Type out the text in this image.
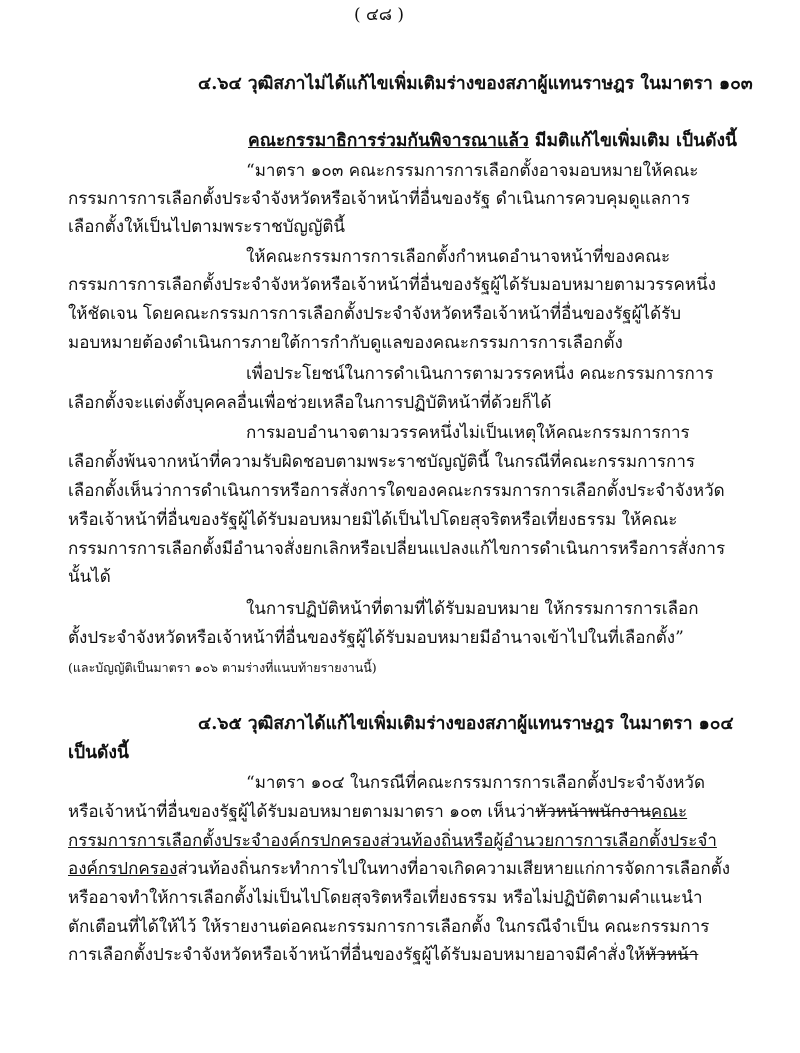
( ๔๘ )
๔.๖๔ วุฒิสภาไม่ได้แก้ไขเพิ่มเติมร่างของสภาผู้แทนราษฎร ในมาตรา ๑๐๓
คณะกรรมาธิการร่วมกันพิจารณาแล้ว มีมติแก้ไขเพิ่มเติม เป็นดังนี้
“มาตรา ๑๐๓ คณะกรรมการการเลือกตั้งอาจมอบหมายให้คณะ
กรรมการการเลือกตั้งประจำจังหวัดหรือเจ้าหน้าที่อื่นของรัฐ ดำเนินการควบคุมดูแลการ
เลือกตั้งให้เป็นไปตามพระราชบัญญัตินี้
ให้คณะกรรมการการเลือกตั้งกำหนดอำนาจหน้าที่ของคณะ
กรรมการการเลือกตั้งประจำจังหวัดหรือเจ้าหน้าที่อื่นของรัฐผู้ได้รับมอบหมายตามวรรคหนึ่ง
ให้ชัดเจน โดยคณะกรรมการการเลือกตั้งประจำจังหวัดหรือเจ้าหน้าที่อื่นของรัฐผู้ได้รับ
มอบหมายต้องดำเนินการภายใต้การกำกับดูแลของคณะกรรมการการเลือกตั้ง
เพื่อประโยชน์ในการดำเนินการตามวรรคหนึ่ง คณะกรรมการการ
เลือกตั้งจะแต่งตั้งบุคคลอื่นเพื่อช่วยเหลือในการปฏิบัติหน้าที่ด้วยก็ได้
การมอบอำนาจตามวรรคหนึ่งไม่เป็นเหตุให้คณะกรรมการการ
เลือกตั้งพ้นจากหน้าที่ความรับผิดชอบตามพระราชบัญญัตินี้ ในกรณีที่คณะกรรมการการ
เลือกตั้งเห็นว่าการดำเนินการหรือการสั่งการใดของคณะกรรมการการเลือกตั้งประจำจังหวัด
หรือเจ้าหน้าที่อื่นของรัฐผู้ได้รับมอบหมายมิได้เป็นไปโดยสุจริตหรือเที่ยงธรรม ให้คณะ
กรรมการการเลือกตั้งมีอำนาจสั่งยกเลิกหรือเปลี่ยนแปลงแก้ไขการดำเนินการหรือการสั่งการ
นั้นได้
ในการปฏิบัติหน้าที่ตามที่ได้รับมอบหมาย ให้กรรมการการเลือก
ตั้งประจำจังหวัดหรือเจ้าหน้าที่อื่นของรัฐผู้ได้รับมอบหมายมีอำนาจเข้าไปในที่เลือกตั้ง”
(และบัญญัติเป็นมาตรา ๑๐๖ ตามร่างที่แนบท้ายรายงานนี้)
๔.๖๕ วุฒิสภาได้แก้ไขเพิ่มเติมร่างของสภาผู้แทนราษฎร ในมาตรา ๑๐๔
เป็นดังนี้
“มาตรา ๑๐๔ ในกรณีที่คณะกรรมการการเลือกตั้งประจำจังหวัด
หรือเจ้าหน้าที่อื่นของรัฐผู้ได้รับมอบหมายตามมาตรา ๑๐๓ เห็นว่าหัวหน้าพนักงานคณะ
กรรมการการเลือกตั้งประจำองค์กรปกครองส่วนท้องถิ่นหรือผู้อำนวยการการเลือกตั้งประจำ
องค์กรปกครองส่วนท้องถิ่นกระทำการไปในทางที่อาจเกิดความเสียหายแก่การจัดการเลือกตั้ง
หรืออาจทำให้การเลือกตั้งไม่เป็นไปโดยสุจริตหรือเที่ยงธรรม หรือไม่ปฏิบัติตามคำแนะนำ
ตักเตือนที่ได้ให้ไว้ ให้รายงานต่อคณะกรรมการการเลือกตั้ง ในกรณีจำเป็น คณะกรรมการ
การเลือกตั้งประจำจังหวัดหรือเจ้าหน้าที่อื่นของรัฐผู้ได้รับมอบหมายอาจมีคำสั่งให้หัวหน้า
